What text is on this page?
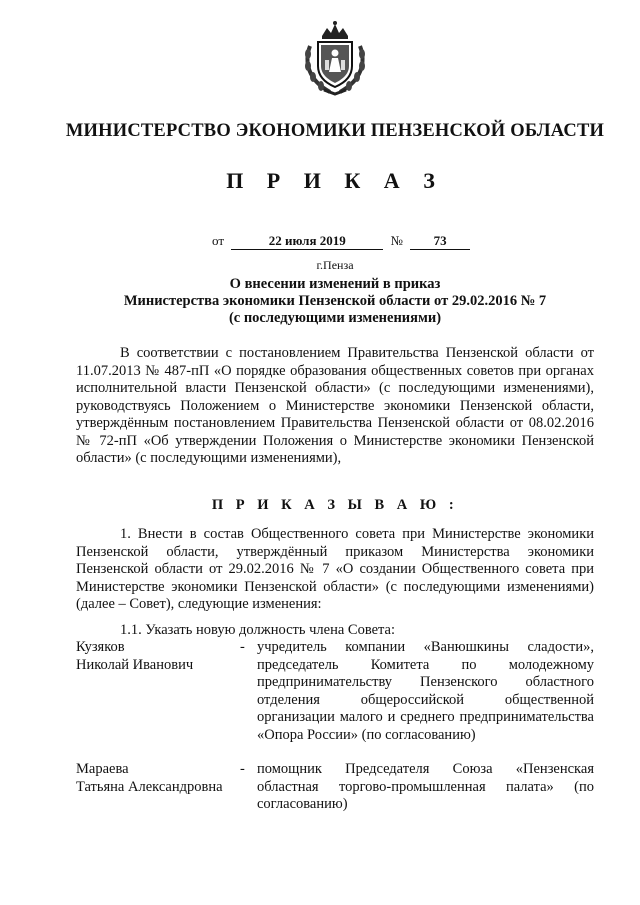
МИНИСТЕРСТВО ЭКОНОМИКИ ПЕНЗЕНСКОЙ ОБЛАСТИ
П Р И К А З
от	22 июля 2019	№ 73
г.Пенза
О внесении изменений в приказ
Министерства экономики Пензенской области от 29.02.2016 № 7
(с последующими изменениями)
В соответствии с постановлением Правительства Пензенской области от 11.07.2013 № 487-пП «О порядке образования общественных советов при органах исполнительной власти Пензенской области» (с последующими изменениями), руководствуясь Положением о Министерстве экономики Пензенской области, утверждённым постановлением Правительства Пензенской области от 08.02.2016 № 72-пП «Об утверждении Положения о Министерстве экономики Пензенской области» (с последующими изменениями),
П Р И К А З Ы В А Ю :
1. Внести в состав Общественного совета при Министерстве экономики Пензенской области, утверждённый приказом Министерства экономики Пензенской области от 29.02.2016 № 7 «О создании Общественного совета при Министерстве экономики Пензенской области» (с последующими изменениями) (далее – Совет), следующие изменения:
1.1. Указать новую должность члена Совета:
Кузяков
Николай Иванович
- учредитель компании «Ванюшкины сладости», председатель Комитета по молодежному предпринимательству Пензенского областного отделения общероссийской общественной организации малого и среднего предпринимательства «Опора России» (по согласованию)
Мараева
Татьяна Александровна
- помощник Председателя Союза «Пензенская областная торгово-промышленная палата» (по согласованию)
